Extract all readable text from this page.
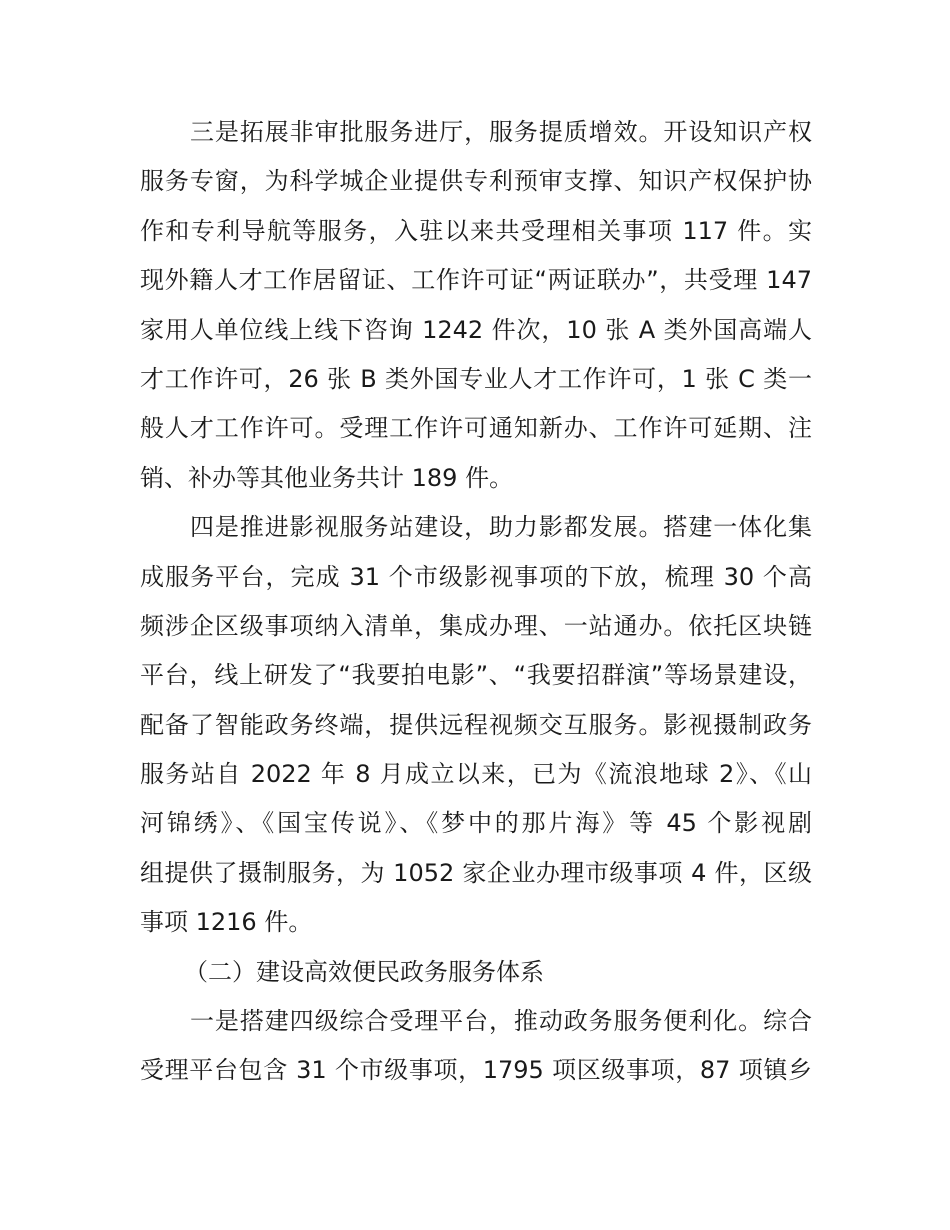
三是拓展非审批服务进厅，服务提质增效。开设知识产权
服务专窗，为科学城企业提供专利预审支撑、知识产权保护协
作和专利导航等服务，入驻以来共受理相关事项 117 件。实
现外籍人才工作居留证、工作许可证“两证联办”，共受理 147
家用人单位线上线下咨询 1242 件次，10 张 A 类外国高端人
才工作许可，26 张 B 类外国专业人才工作许可，1 张 C 类一
般人才工作许可。受理工作许可通知新办、工作许可延期、注
销、补办等其他业务共计 189 件。
四是推进影视服务站建设，助力影都发展。搭建一体化集
成服务平台，完成 31 个市级影视事项的下放，梳理 30 个高
频涉企区级事项纳入清单，集成办理、一站通办。依托区块链
平台，线上研发了“我要拍电影”、“我要招群演”等场景建设，
配备了智能政务终端，提供远程视频交互服务。影视摄制政务
服务站自 2022 年 8 月成立以来，已为《流浪地球 2》、《山
河锦绣》、《国宝传说》、《梦中的那片海》等 45 个影视剧
组提供了摄制服务，为 1052 家企业办理市级事项 4 件，区级
事项 1216 件。
（二）建设高效便民政务服务体系
一是搭建四级综合受理平台，推动政务服务便利化。综合
受理平台包含 31 个市级事项，1795 项区级事项，87 项镇乡
